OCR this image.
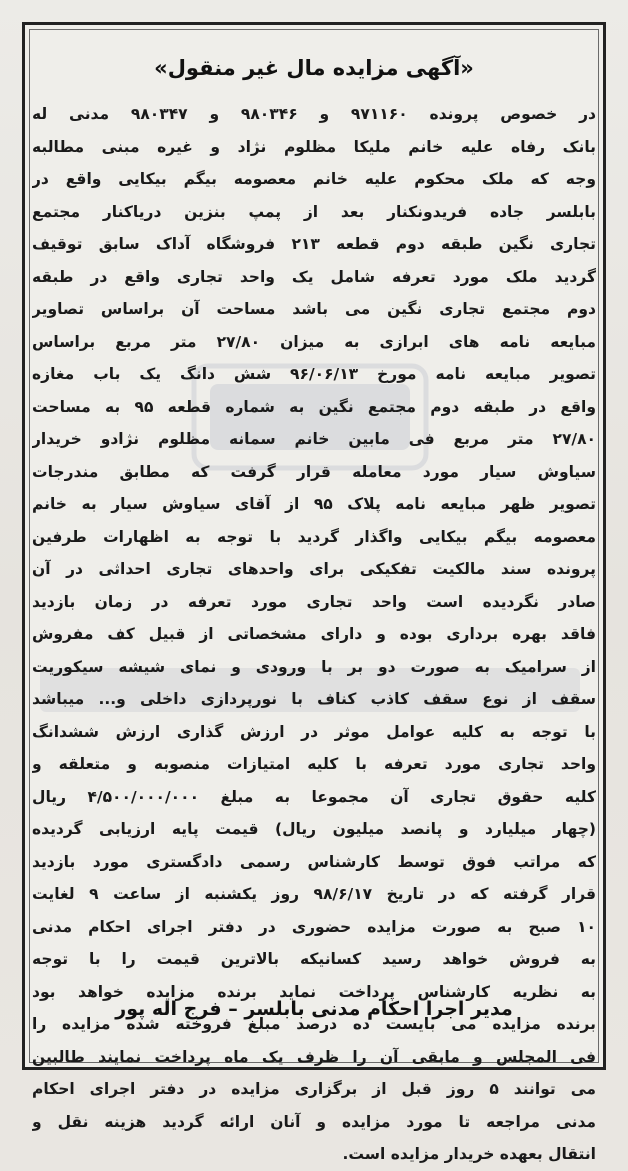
«آگهی مزایده مال غیر منقول»
در خصوص پرونده ۹۷۱۱۶۰ و ۹۸۰۳۴۶ و ۹۸۰۳۴۷ مدنی له
بانک رفاه علیه خانم ملیکا مظلوم نژاد و غیره مبنی مطالبه
وجه که ملک محکوم علیه خانم معصومه بیگم بیکایی واقع در
بابلسر جاده فریدونکنار بعد از پمپ بنزین دریاکنار مجتمع
تجاری نگین طبقه دوم قطعه ۲۱۳ فروشگاه آداک سابق توقیف
گردید ملک مورد تعرفه شامل یک واحد تجاری واقع در طبقه
دوم مجتمع تجاری نگین می باشد مساحت آن براساس تصاویر
مبایعه نامه های ابرازی به میزان ۲۷/۸۰ متر مربع براساس
تصویر مبایعه نامه مورخ ۹۶/۰۶/۱۳ شش دانگ یک باب مغازه
واقع در طبقه دوم مجتمع نگین به شماره قطعه ۹۵ به مساحت
۲۷/۸۰ متر مربع فی مابین خانم سمانه مظلوم نژادو خریدار
سیاوش سیار مورد معامله قرار گرفت که مطابق مندرجات
تصویر ظهر مبایعه نامه پلاک ۹۵ از آقای سیاوش سیار به خانم
معصومه بیگم بیکایی واگذار گردید با توجه به اظهارات طرفین
پرونده سند مالکیت تفکیکی برای واحدهای تجاری احداثی در آن
صادر نگردیده است واحد تجاری مورد تعرفه در زمان بازدید
فاقد بهره برداری بوده و دارای مشخصاتی از قبیل کف مفروش
از سرامیک به صورت دو بر با ورودی و نمای شیشه سیکوریت
سقف از نوع سقف کاذب کناف با نورپردازی داخلی و... میباشد
با توجه به کلیه عوامل موثر در ارزش گذاری ارزش ششدانگ
واحد تجاری مورد تعرفه با کلیه امتیازات منصوبه و متعلقه و
کلیه حقوق تجاری آن مجموعا به مبلغ ۴/۵۰۰/۰۰۰/۰۰۰ ریال
(چهار میلیارد و پانصد میلیون ریال) قیمت پایه ارزیابی گردیده
که مراتب فوق توسط کارشناس رسمی دادگستری مورد بازدید
قرار گرفته که در تاریخ ۹۸/۶/۱۷ روز یکشنبه از ساعت ۹ لغایت
۱۰ صبح به صورت مزایده حضوری در دفتر اجرای احکام مدنی
به فروش خواهد رسید کسانیکه بالاترین قیمت را با توجه
به نظریه کارشناس پرداخت نماید برنده مزایده خواهد بود
برنده مزایده می بایست ده درصد مبلغ فروخته شده مزایده را
فی المجلس و مابقی آن را ظرف یک ماه پرداخت نمایند طالبین
می توانند ۵ روز قبل از برگزاری مزایده در دفتر اجرای احکام
مدنی مراجعه تا مورد مزایده و آنان ارائه گردید هزینه نقل و
انتقال بعهده خریدار مزایده است.
مدیر اجرا احکام مدنی بابلسر – فرج اله پور
